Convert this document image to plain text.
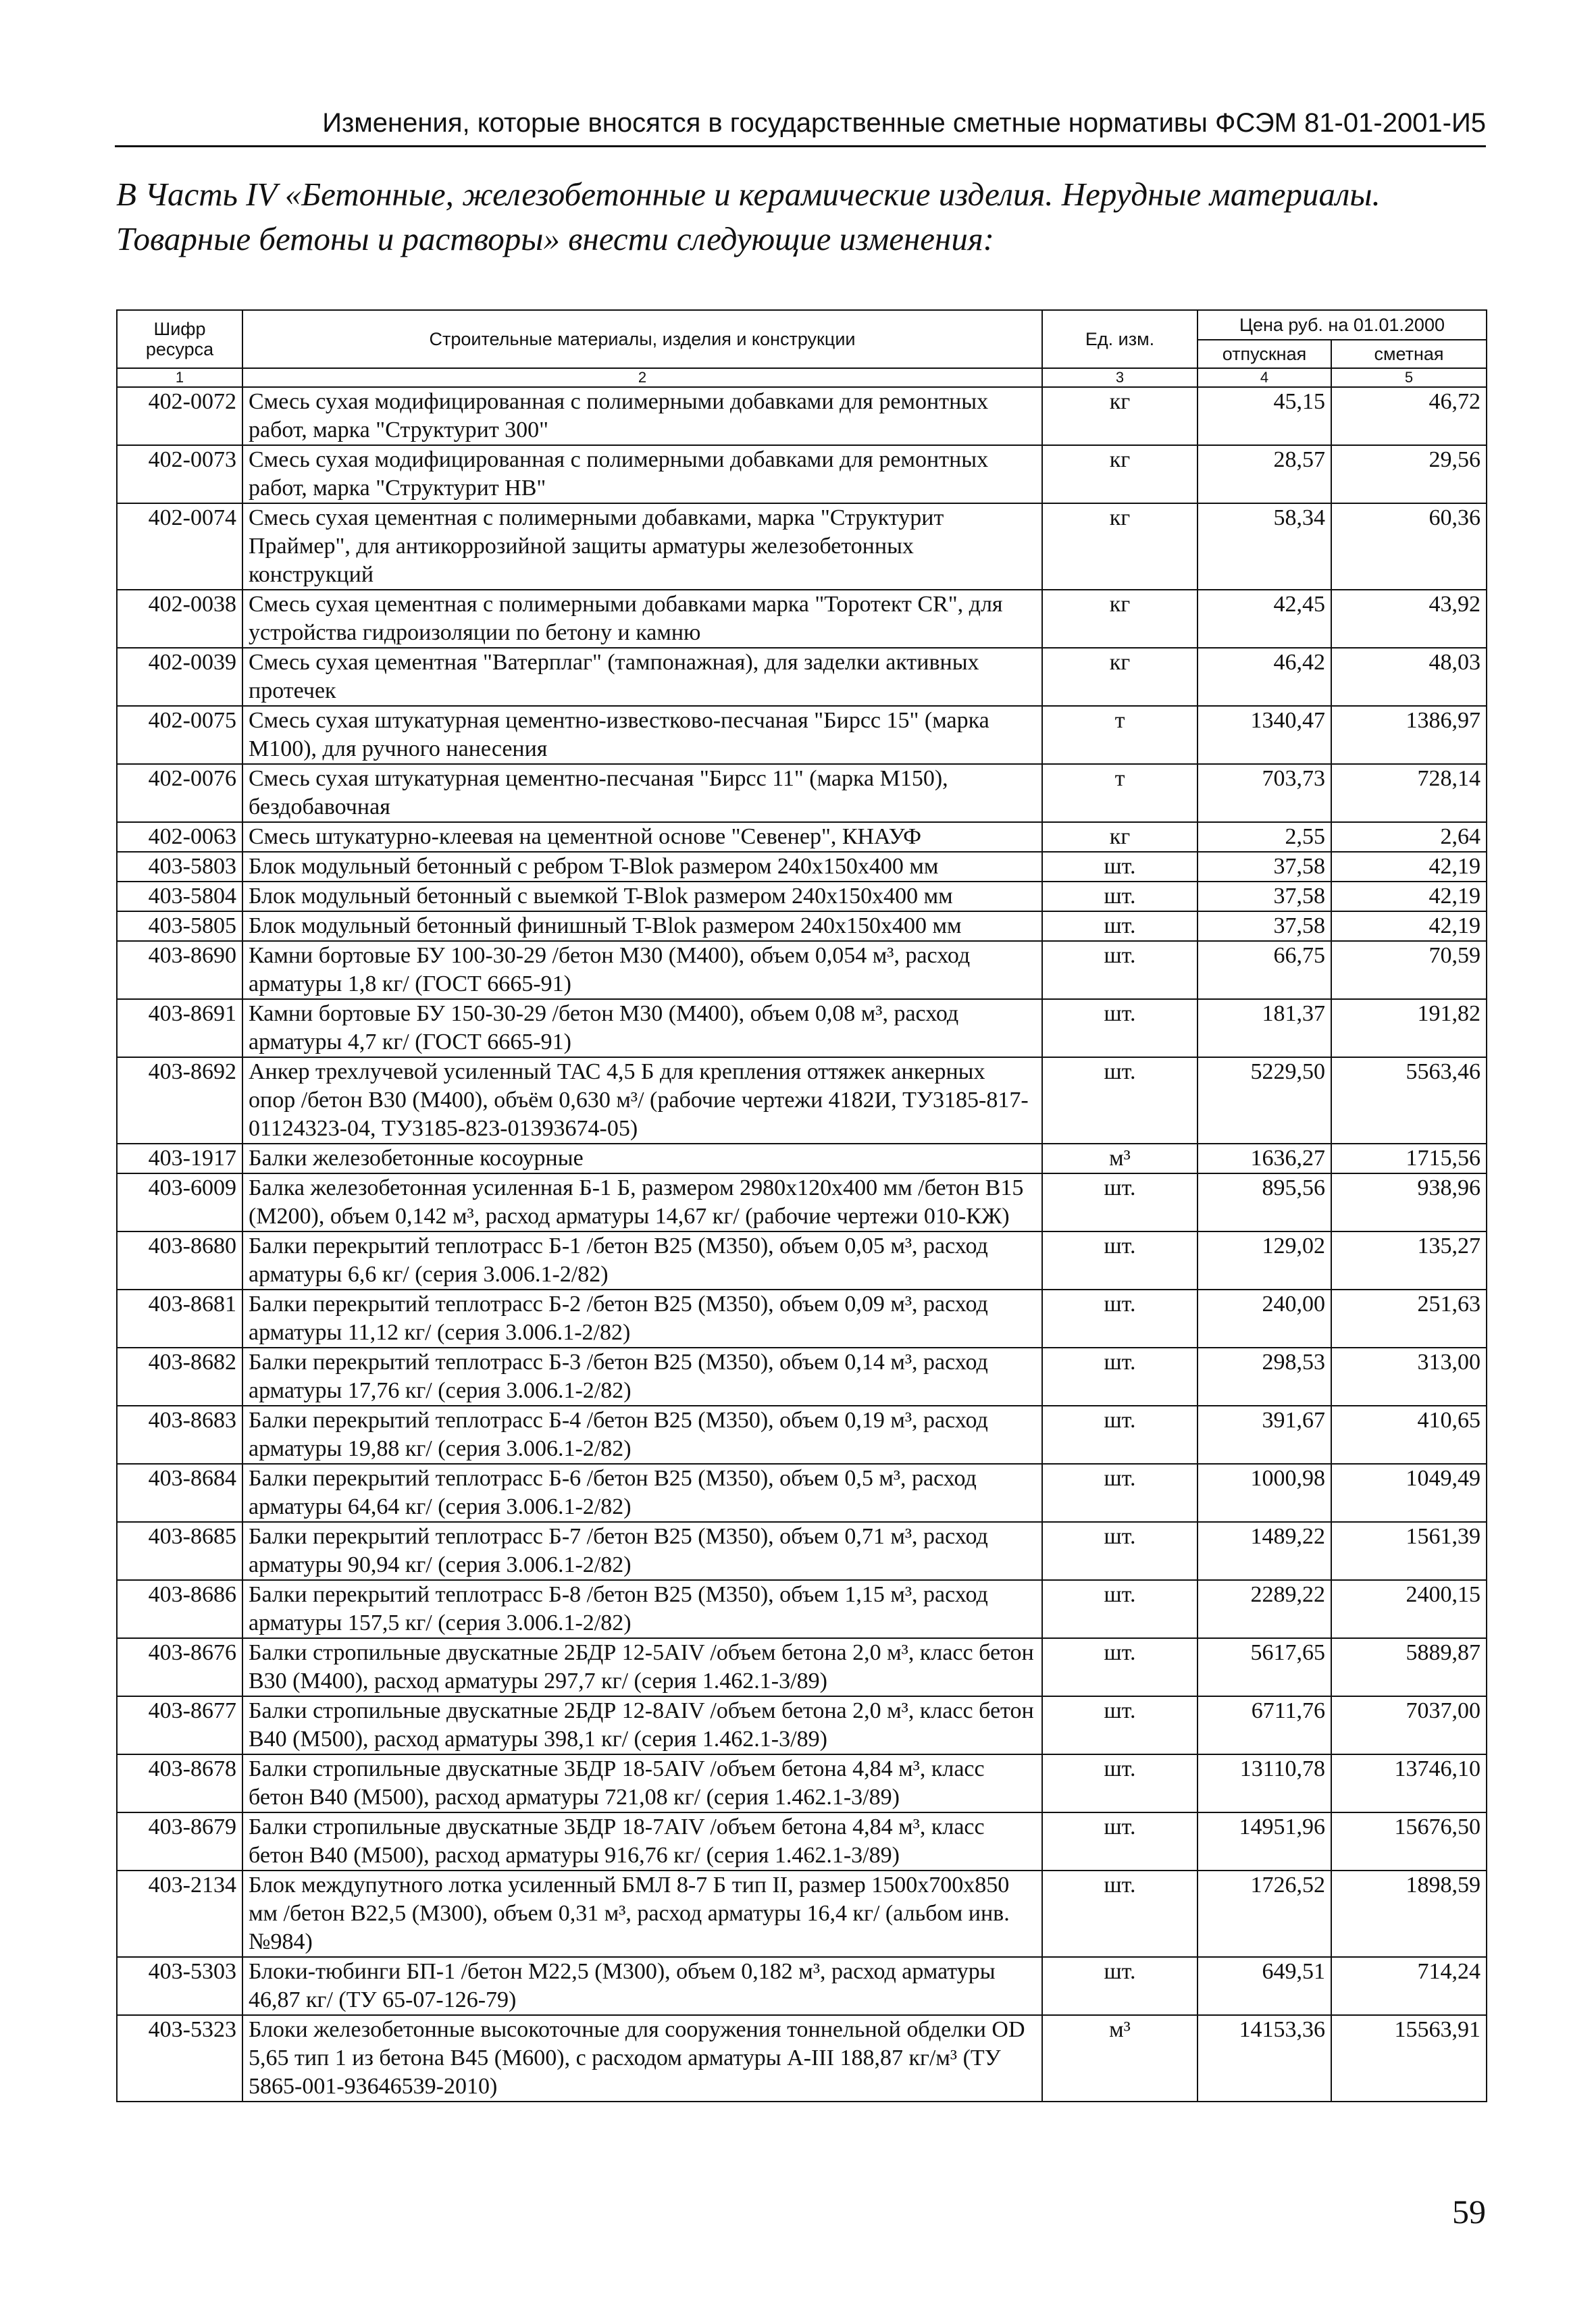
Изменения, которые вносятся в государственные сметные нормативы ФСЭМ 81-01-2001-И5

В Часть IV «Бетонные, железобетонные и керамические изделия. Нерудные материалы.

Товарные бетоны и растворы» внести следующие изменения:

Шифр ресурса	Строительные материалы, изделия и конструкции	Ед. изм.	Цена руб. на 01.01.2000	
			отпускная	сметная
1	2	3	4	5
402-0072	Смесь сухая модифицированная с полимерными добавками для ремонтных работ, марка "Структурит 300"	кг	45,15	46,72
402-0073	Смесь сухая модифицированная с полимерными добавками для ремонтных работ, марка "Структурит НВ"	кг	28,57	29,56
402-0074	Смесь сухая цементная с полимерными добавками, марка "Структурит Праймер", для антикоррозийной защиты арматуры железобетонных конструкций	кг	58,34	60,36
402-0038	Смесь сухая цементная с полимерными добавками марка "Торотект CR", для устройства гидроизоляции по бетону и камню	кг	42,45	43,92
402-0039	Смесь сухая цементная "Ватерплаг" (тампонажная), для заделки активных протечек	кг	46,42	48,03
402-0075	Смесь сухая штукатурная цементно-известково-песчаная "Бирсс 15" (марка М100), для ручного нанесения	т	1340,47	1386,97
402-0076	Смесь сухая штукатурная цементно-песчаная "Бирсс 11" (марка М150), бездобавочная	т	703,73	728,14
402-0063	Смесь штукатурно-клеевая на цементной основе "Севенер", КНАУФ	кг	2,55	2,64
403-5803	Блок модульный бетонный с ребром T-Blok размером 240х150х400 мм	шт.	37,58	42,19
403-5804	Блок модульный бетонный с выемкой T-Blok размером 240х150х400 мм	шт.	37,58	42,19
403-5805	Блок модульный бетонный финишный T-Blok размером 240х150х400 мм	шт.	37,58	42,19
403-8690	Камни бортовые БУ 100-30-29 /бетон М30 (М400), объем 0,054 м³, расход арматуры 1,8 кг/ (ГОСТ 6665-91)	шт.	66,75	70,59
403-8691	Камни бортовые БУ 150-30-29 /бетон М30 (М400), объем 0,08 м³, расход арматуры 4,7 кг/ (ГОСТ 6665-91)	шт.	181,37	191,82
403-8692	Анкер трехлучевой усиленный ТАС 4,5 Б для крепления оттяжек анкерных опор /бетон В30 (М400), объём 0,630 м³/ (рабочие чертежи 4182И, ТУ3185-817-01124323-04, ТУ3185-823-01393674-05)	шт.	5229,50	5563,46
403-1917	Балки железобетонные косоурные	м³	1636,27	1715,56
403-6009	Балка железобетонная усиленная Б-1 Б, размером 2980х120х400 мм /бетон В15 (М200), объем 0,142 м³, расход арматуры 14,67 кг/ (рабочие чертежи 010-КЖ)	шт.	895,56	938,96
403-8680	Балки перекрытий теплотрасс Б-1 /бетон В25 (М350), объем 0,05 м³, расход арматуры 6,6 кг/ (серия 3.006.1-2/82)	шт.	129,02	135,27
403-8681	Балки перекрытий теплотрасс Б-2 /бетон В25 (М350), объем 0,09 м³, расход арматуры 11,12 кг/ (серия 3.006.1-2/82)	шт.	240,00	251,63
403-8682	Балки перекрытий теплотрасс Б-3 /бетон В25 (М350), объем 0,14 м³, расход арматуры 17,76 кг/ (серия 3.006.1-2/82)	шт.	298,53	313,00
403-8683	Балки перекрытий теплотрасс Б-4 /бетон В25 (М350), объем 0,19 м³, расход арматуры 19,88 кг/ (серия 3.006.1-2/82)	шт.	391,67	410,65
403-8684	Балки перекрытий теплотрасс Б-6 /бетон В25 (М350), объем 0,5 м³, расход арматуры 64,64 кг/ (серия 3.006.1-2/82)	шт.	1000,98	1049,49
403-8685	Балки перекрытий теплотрасс Б-7 /бетон В25 (М350), объем 0,71 м³, расход арматуры 90,94 кг/ (серия 3.006.1-2/82)	шт.	1489,22	1561,39
403-8686	Балки перекрытий теплотрасс Б-8 /бетон В25 (М350), объем 1,15 м³, расход арматуры 157,5 кг/ (серия 3.006.1-2/82)	шт.	2289,22	2400,15
403-8676	Балки стропильные двускатные 2БДР 12-5AIV /объем бетона 2,0 м³, класс бетон В30 (М400), расход арматуры 297,7 кг/ (серия 1.462.1-3/89)	шт.	5617,65	5889,87
403-8677	Балки стропильные двускатные 2БДР 12-8AIV /объем бетона 2,0 м³, класс бетон В40 (М500), расход арматуры 398,1 кг/ (серия 1.462.1-3/89)	шт.	6711,76	7037,00
403-8678	Балки стропильные двускатные 3БДР 18-5AIV /объем бетона 4,84 м³, класс бетон В40 (М500), расход арматуры 721,08 кг/ (серия 1.462.1-3/89)	шт.	13110,78	13746,10
403-8679	Балки стропильные двускатные 3БДР 18-7AIV /объем бетона 4,84 м³, класс бетон В40 (М500), расход арматуры 916,76 кг/ (серия 1.462.1-3/89)	шт.	14951,96	15676,50
403-2134	Блок междупутного лотка усиленный БМЛ 8-7 Б тип II, размер 1500х700х850 мм /бетон В22,5 (М300), объем 0,31 м³, расход арматуры 16,4 кг/ (альбом инв. №984)	шт.	1726,52	1898,59
403-5303	Блоки-тюбинги БП-1 /бетон М22,5 (М300), объем 0,182 м³, расход арматуры 46,87 кг/ (ТУ 65-07-126-79)	шт.	649,51	714,24
403-5323	Блоки железобетонные высокоточные для сооружения тоннельной обделки OD 5,65 тип 1 из бетона В45 (М600), с расходом арматуры А-III 188,87 кг/м³ (ТУ 5865-001-93646539-2010)	м³	14153,36	15563,91
59
